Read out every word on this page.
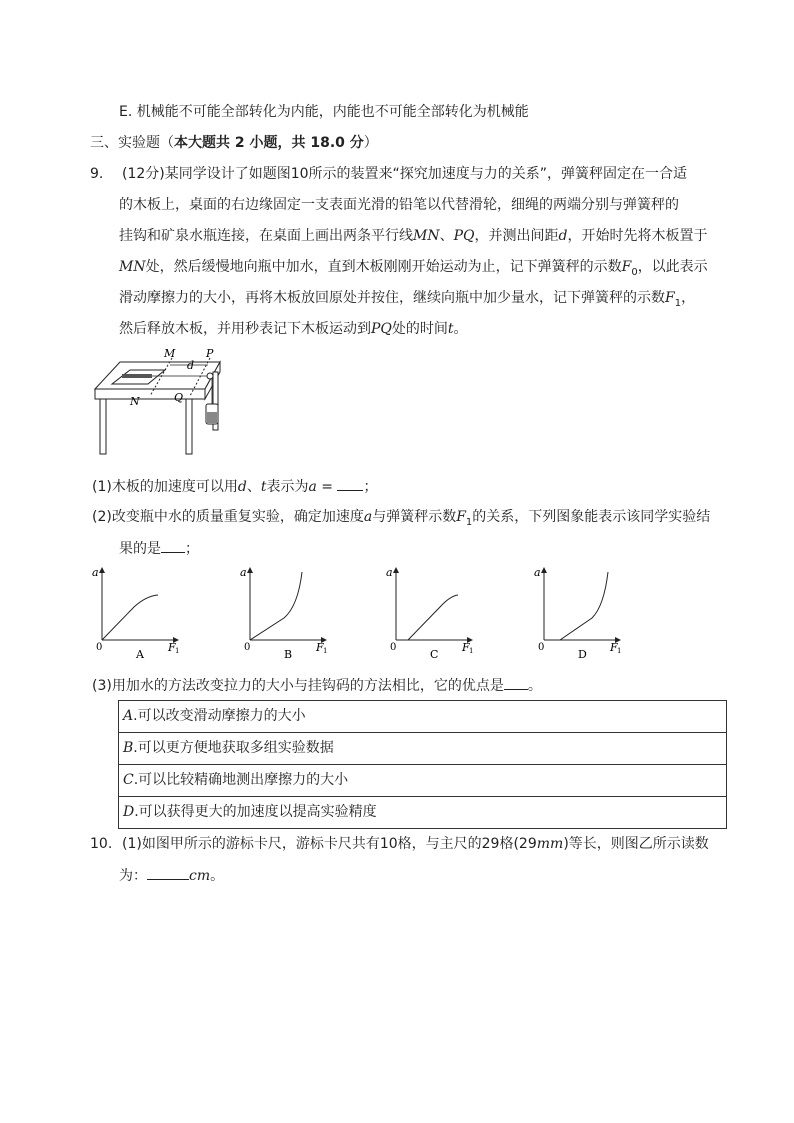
E. 机械能不可能全部转化为内能，内能也不可能全部转化为机械能
三、实验题（本大题共 2 小题，共 18.0 分）
9. (12分)某同学设计了如题图10所示的装置来“探究加速度与力的关系”，弹簧秤固定在一合适
的木板上，桌面的右边缘固定一支表面光滑的铅笔以代替滑轮，细绳的两端分别与弹簧秤的
挂钩和矿泉水瓶连接，在桌面上画出两条平行线MN、PQ，并测出间距d，开始时先将木板置于
MN处，然后缓慢地向瓶中加水，直到木板刚刚开始运动为止，记下弹簧秤的示数$F_0$，以此表示
滑动摩擦力的大小，再将木板放回原处并按住，继续向瓶中加少量水，记下弹簧秤的示数$F_1$，
然后释放木板，并用秒表记下木板运动到PQ处的时间t。
M	P
d
N	Q
(1)木板的加速度可以用d、t表示为a = ；
(2)改变瓶中水的质量重复实验，确定加速度a与弹簧秤示数$F_1$的关系，下列图象能表示该同学实验结
果的是 ；
a
0	F 1
A
a
0	F 1
B
a
0	F 1
C
a
0	F 1
D
(3)用加水的方法改变拉力的大小与挂钩码的方法相比，它的优点是 。
A.可以改变滑动摩擦力的大小
B.可以更方便地获取多组实验数据
C.可以比较精确地测出摩擦力的大小
D.可以获得更大的加速度以提高实验精度
10. (1)如图甲所示的游标卡尺，游标卡尺共有10格，与主尺的29格(29mm)等长，则图乙所示读数
为：	cm。
